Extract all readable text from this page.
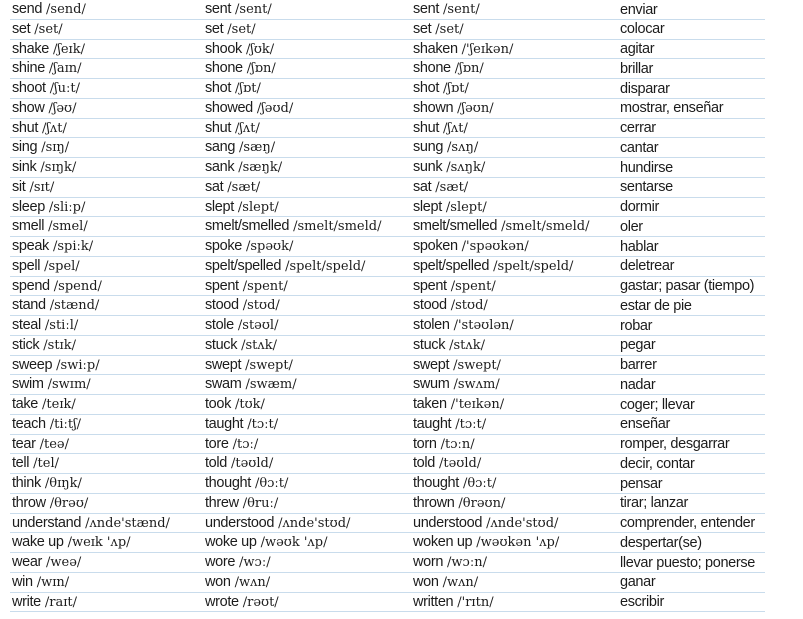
send /send/	sent /sent/	sent /sent/	enviar
set /set/	set /set/	set /set/	colocar
shake /ʃeɪk/	shook /ʃʊk/	shaken /'ʃeɪkən/	agitar
shine /ʃaɪn/	shone /ʃɒn/	shone /ʃɒn/	brillar
shoot /ʃuːt/	shot /ʃɒt/	shot /ʃɒt/	disparar
show /ʃəʊ/	showed /ʃəʊd/	shown /ʃəʊn/	mostrar, enseñar
shut /ʃʌt/	shut /ʃʌt/	shut /ʃʌt/	cerrar
sing /sɪŋ/	sang /sæŋ/	sung /sʌŋ/	cantar
sink /sɪŋk/	sank /sæŋk/	sunk /sʌŋk/	hundirse
sit /sɪt/	sat /sæt/	sat /sæt/	sentarse
sleep /sliːp/	slept /slept/	slept /slept/	dormir
smell /smel/	smelt/smelled /smelt/smeld/	smelt/smelled /smelt/smeld/	oler
speak /spiːk/	spoke /spəʊk/	spoken /'spəʊkən/	hablar
spell /spel/	spelt/spelled /spelt/speld/	spelt/spelled /spelt/speld/	deletrear
spend /spend/	spent /spent/	spent /spent/	gastar; pasar (tiempo)
stand /stænd/	stood /stʊd/	stood /stʊd/	estar de pie
steal /stiːl/	stole /stəʊl/	stolen /'stəʊlən/	robar
stick /stɪk/	stuck /stʌk/	stuck /stʌk/	pegar
sweep /swiːp/	swept /swept/	swept /swept/	barrer
swim /swɪm/	swam /swæm/	swum /swʌm/	nadar
take /teɪk/	took /tʊk/	taken /'teɪkən/	coger; llevar
teach /tiːtʃ/	taught /tɔːt/	taught /tɔːt/	enseñar
tear /teə/	tore /tɔː/	torn /tɔːn/	romper, desgarrar
tell /tel/	told /təʊld/	told /təʊld/	decir, contar
think /θɪŋk/	thought /θɔːt/	thought /θɔːt/	pensar
throw /θrəʊ/	threw /θruː/	thrown /θrəʊn/	tirar; lanzar
understand /ʌnde'stænd/	understood /ʌnde'stʊd/	understood /ʌnde'stʊd/	comprender, entender
wake up /weɪk 'ʌp/	woke up /wəʊk 'ʌp/	woken up /wəʊkən 'ʌp/	despertar(se)
wear /weə/	wore /wɔː/	worn /wɔːn/	llevar puesto; ponerse
win /wɪn/	won /wʌn/	won /wʌn/	ganar
write /raɪt/	wrote /rəʊt/	written /'rɪtn/	escribir
